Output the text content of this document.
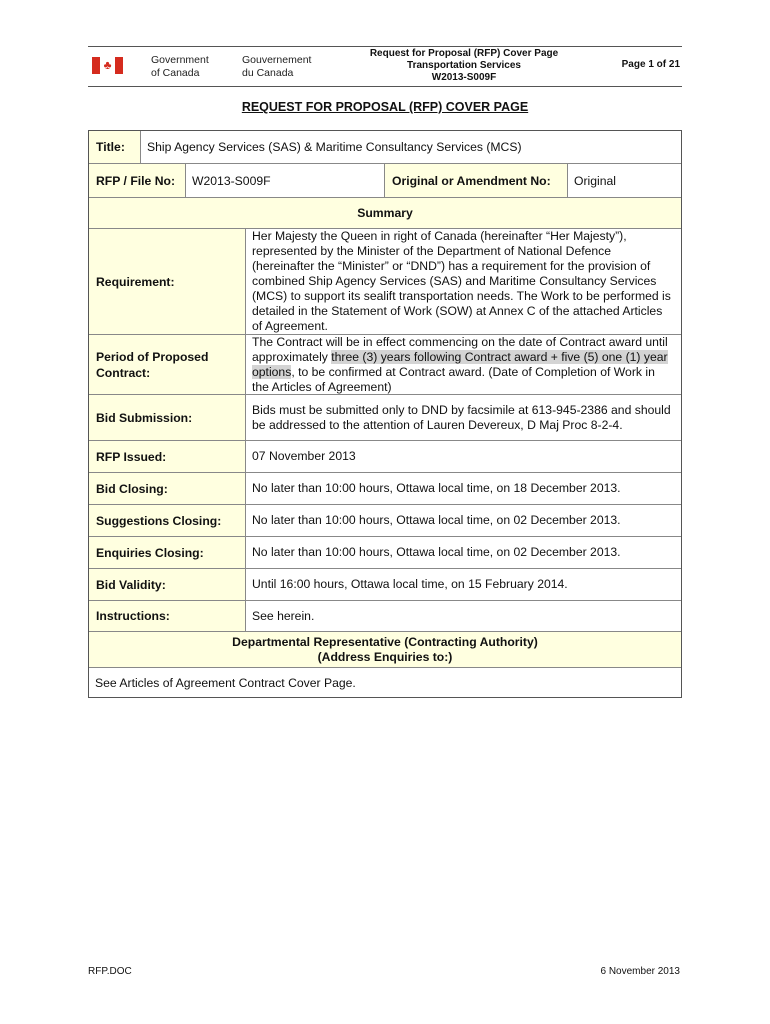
♣	Government
of Canada
Gouvernement
du Canada
Request for Proposal (RFP) Cover Page
Transportation Services
W2013-S009F
Page 1 of 21
REQUEST FOR PROPOSAL (RFP) COVER PAGE
Title:	Ship Agency Services (SAS) & Maritime Consultancy Services (MCS)
RFP / File No:	W2013-S009F	Original or Amendment No:	Original
Summary
Requirement:
Her Majesty the Queen in right of Canada (hereinafter “Her Majesty”), represented by the Minister of the Department of National Defence (hereinafter the “Minister” or “DND”) has a requirement for the provision of combined Ship Agency Services (SAS) and Maritime Consultancy Services (MCS) to support its sealift transportation needs. The Work to be performed is detailed in the Statement of Work (SOW) at Annex C of the attached Articles of Agreement.
Period of Proposed Contract:
The Contract will be in effect commencing on the date of Contract award until approximately three (3) years following Contract award + five (5) one (1) year options, to be confirmed at Contract award. (Date of Completion of Work in the Articles of Agreement)
Bid Submission:
Bids must be submitted only to DND by facsimile at 613-945-2386 and should be addressed to the attention of Lauren Devereux, D Maj Proc 8-2-4.
RFP Issued:	07 November 2013
Bid Closing:	No later than 10:00 hours, Ottawa local time, on 18 December 2013.
Suggestions Closing:	No later than 10:00 hours, Ottawa local time, on 02 December 2013.
Enquiries Closing:	No later than 10:00 hours, Ottawa local time, on 02 December 2013.
Bid Validity:	Until 16:00 hours, Ottawa local time, on 15 February 2014.
Instructions:	See herein.
Departmental Representative (Contracting Authority)
(Address Enquiries to:)
See Articles of Agreement Contract Cover Page.
RFP.DOC	6 November 2013
